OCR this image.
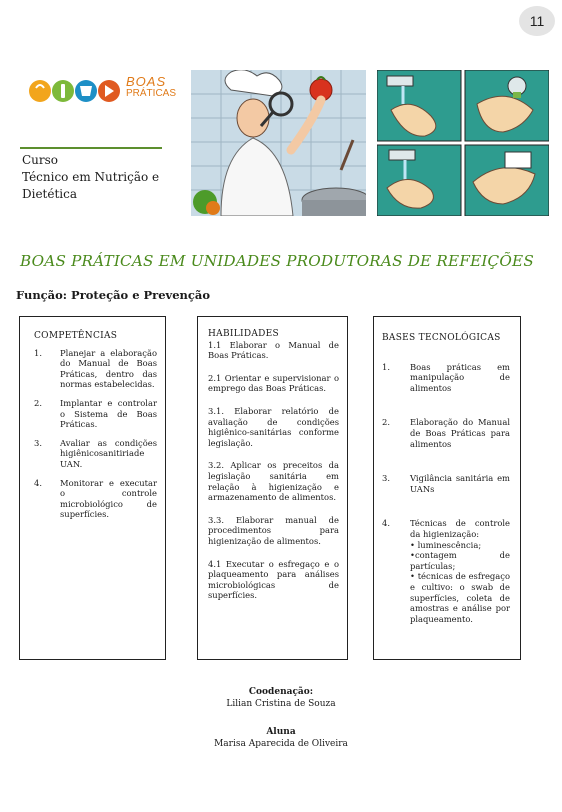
11
BOAS
PRÁTICAS
Curso
Técnico em Nutrição e
Dietética
BOAS PRÁTICAS EM UNIDADES PRODUTORAS DE REFEIÇÕES
Função: Proteção e Prevenção
COMPETÊNCIAS
1.	Planejar a elaboração do Manual de Boas Práticas, dentro das normas estabelecidas.
2.	Implantar e controlar o Sistema de Boas Práticas.
3.	Avaliar as condições higiênicosanitiriade UAN.
4.	Monitorar e executar o controle microbiológico de superfícies.
HABILIDADES

1.1 Elaborar o Manual de Boas Práticas.

2.1 Orientar e supervisionar o emprego das Boas Práticas.

3.1. Elaborar relatório de avaliação de condições higiênico-sanitárias conforme legislação.

3.2. Aplicar os preceitos da legislação sanitária em relação à higienização e armazenamento de alimentos.

3.3. Elaborar manual de procedimentos para higienização de alimentos.

4.1 Executar o esfregaço e o plaqueamento para análises microbiológicas de superfícies.

BASES TECNOLÓGICAS
1.	Boas práticas em manipulação de alimentos
2.	Elaboração do Manual de Boas Práticas para alimentos
3.	Vigilância sanitária em UANs
4.	Técnicas de controle da higienização:
• luminescência;
•contagem de partículas;
• técnicas de esfregaço e cultivo: o swab de superfícies, coleta de amostras e análise por plaqueamento.
Coodenação:
Lilian Cristina de Souza
Aluna
Marisa Aparecida de Oliveira
